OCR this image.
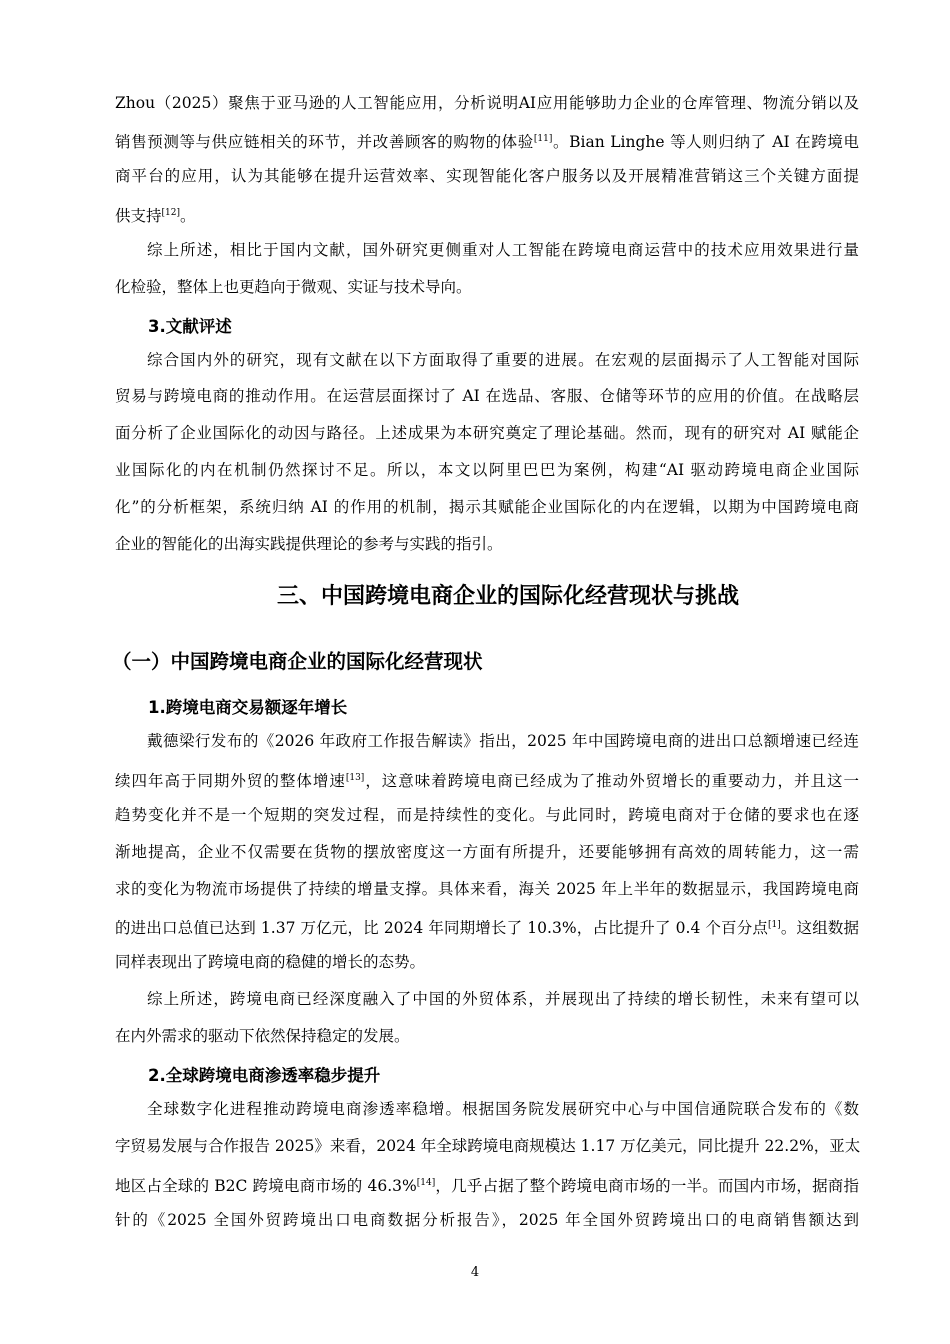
Zhou（2025）聚焦于亚马逊的人工智能应用，分析说明AI应用能够助力企业的仓库管理、物流分销以及
销售预测等与供应链相关的环节，并改善顾客的购物的体验[11]。Bian Linghe 等人则归纳了 AI 在跨境电
商平台的应用，认为其能够在提升运营效率、实现智能化客户服务以及开展精准营销这三个关键方面提
供支持[12]。
综上所述，相比于国内文献，国外研究更侧重对人工智能在跨境电商运营中的技术应用效果进行量
化检验，整体上也更趋向于微观、实证与技术导向。
3.文献评述
综合国内外的研究，现有文献在以下方面取得了重要的进展。在宏观的层面揭示了人工智能对国际
贸易与跨境电商的推动作用。在运营层面探讨了 AI 在选品、客服、仓储等环节的应用的价值。在战略层
面分析了企业国际化的动因与路径。上述成果为本研究奠定了理论基础。然而，现有的研究对 AI 赋能企
业国际化的内在机制仍然探讨不足。所以，本文以阿里巴巴为案例，构建“AI 驱动跨境电商企业国际
化”的分析框架，系统归纳 AI 的作用的机制，揭示其赋能企业国际化的内在逻辑，以期为中国跨境电商
企业的智能化的出海实践提供理论的参考与实践的指引。
三、中国跨境电商企业的国际化经营现状与挑战
（一）中国跨境电商企业的国际化经营现状
1.跨境电商交易额逐年增长
戴德梁行发布的《2026 年政府工作报告解读》指出，2025 年中国跨境电商的进出口总额增速已经连
续四年高于同期外贸的整体增速[13]，这意味着跨境电商已经成为了推动外贸增长的重要动力，并且这一
趋势变化并不是一个短期的突发过程，而是持续性的变化。与此同时，跨境电商对于仓储的要求也在逐
渐地提高，企业不仅需要在货物的摆放密度这一方面有所提升，还要能够拥有高效的周转能力，这一需
求的变化为物流市场提供了持续的增量支撑。具体来看，海关 2025 年上半年的数据显示，我国跨境电商
的进出口总值已达到 1.37 万亿元，比 2024 年同期增长了 10.3%，占比提升了 0.4 个百分点[1]。这组数据
同样表现出了跨境电商的稳健的增长的态势。
综上所述，跨境电商已经深度融入了中国的外贸体系，并展现出了持续的增长韧性，未来有望可以
在内外需求的驱动下依然保持稳定的发展。
2.全球跨境电商渗透率稳步提升
全球数字化进程推动跨境电商渗透率稳增。根据国务院发展研究中心与中国信通院联合发布的《数
字贸易发展与合作报告 2025》来看，2024 年全球跨境电商规模达 1.17 万亿美元，同比提升 22.2%，亚太
地区占全球的 B2C 跨境电商市场的 46.3%[14]，几乎占据了整个跨境电商市场的一半。而国内市场，据商指
针的《2025 全国外贸跨境出口电商数据分析报告》，2025 年全国外贸跨境出口的电商销售额达到
4
